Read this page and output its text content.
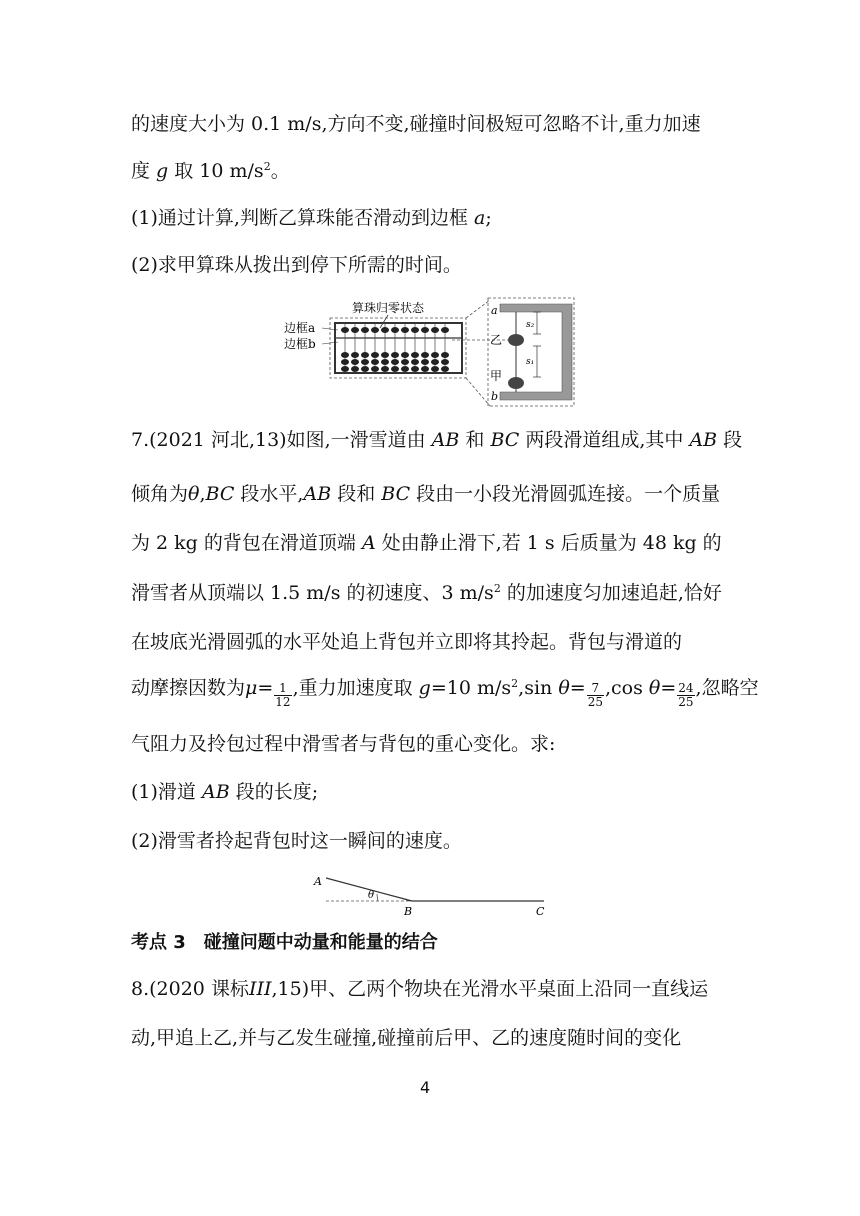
的速度大小为 0.1 m/s,方向不变,碰撞时间极短可忽略不计,重力加速
度 g 取 10 $m/s^2$。
(1)通过计算,判断乙算珠能否滑动到边框 a;
(2)求甲算珠从拨出到停下所需的时间。
算珠归零状态
边框a
边框b
a
b
乙
甲
s₂
s₁
7.(2021 河北,13)如图,一滑雪道由 AB 和 BC 两段滑道组成,其中 AB 段
倾角为θ,BC 段水平,AB 段和 BC 段由一小段光滑圆弧连接。一个质量
为 2 kg 的背包在滑道顶端 A 处由静止滑下,若 1 s 后质量为 48 kg 的
滑雪者从顶端以 1.5 m/s 的初速度、3 $m/s^2$ 的加速度匀加速追赶,恰好
在坡底光滑圆弧的水平处追上背包并立即将其拎起。背包与滑道的
动摩擦因数为$\mu= \frac{1}{12}$ ,重力加速度取 g=10 $m/s^2,\sin$ $\theta= \frac{7}{25} ,\cos$ $\theta= \frac{24}{25}$ ,忽略空
气阻力及拎包过程中滑雪者与背包的重心变化。求:
(1)滑道 AB 段的长度;
(2)滑雪者拎起背包时这一瞬间的速度。
A
θ
B	C
考点 3　碰撞问题中动量和能量的结合
8.(2020 课标III,15)甲、乙两个物块在光滑水平桌面上沿同一直线运
动,甲追上乙,并与乙发生碰撞,碰撞前后甲、乙的速度随时间的变化
4
